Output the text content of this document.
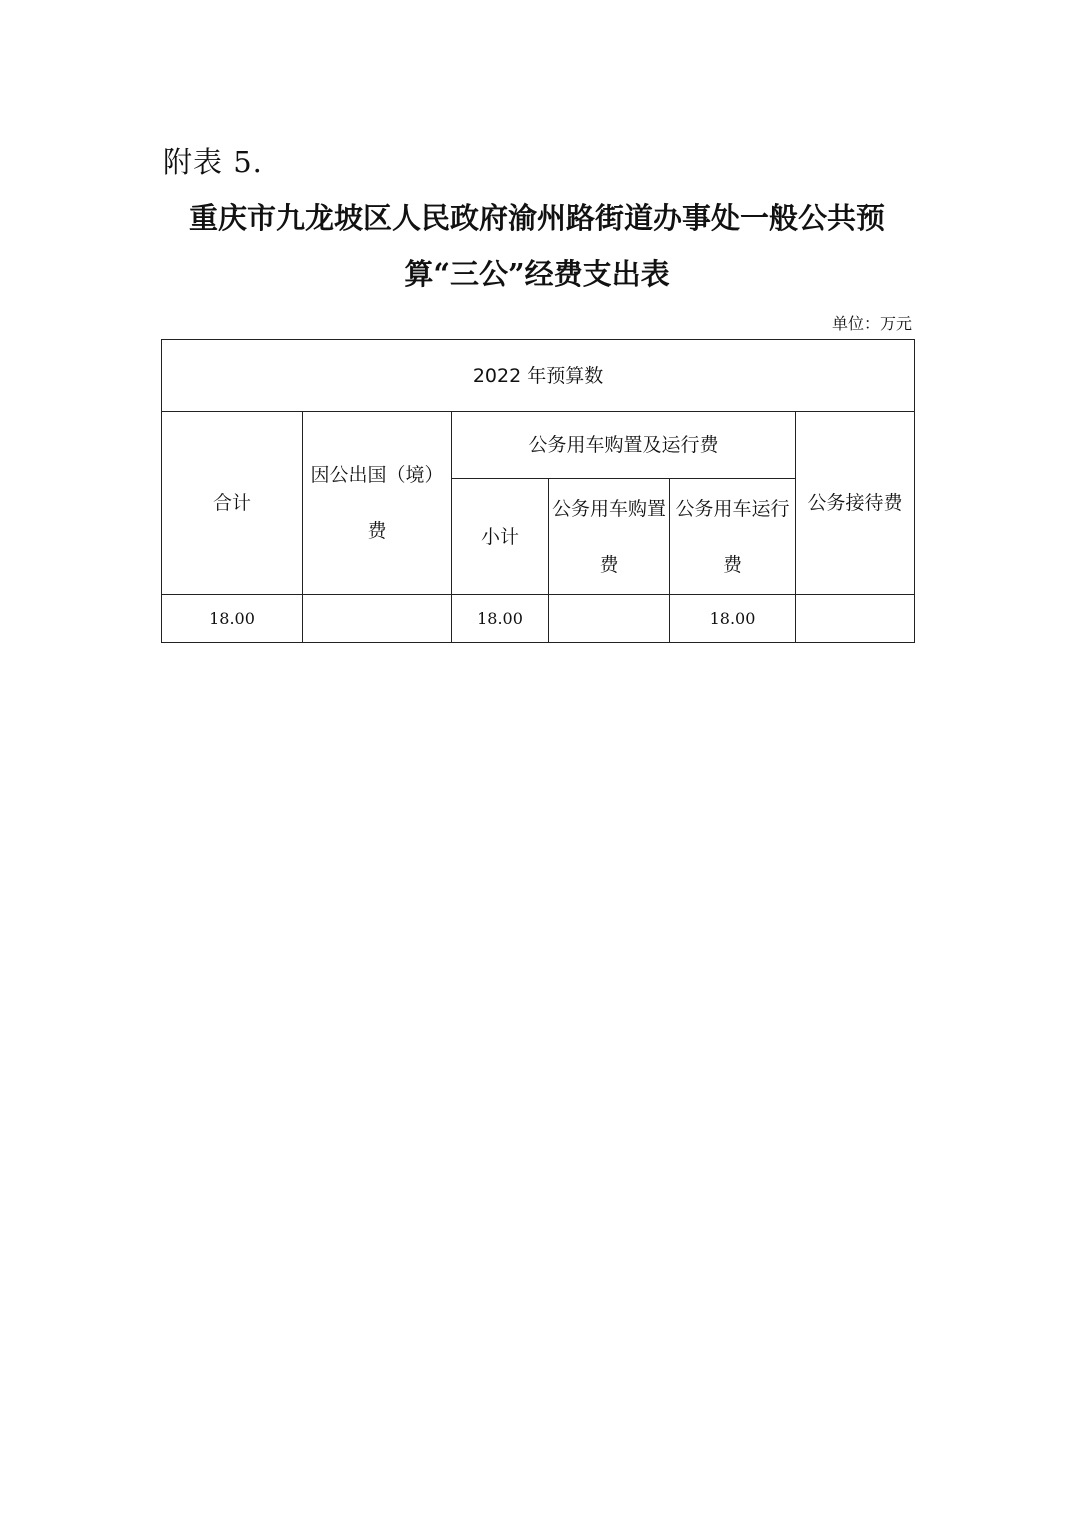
附表 5.
重庆市九龙坡区人民政府渝州路街道办事处一般公共预算“三公”经费支出表
单位：万元
2022 年预算数					
合计	因公出国（境）费	公务用车购置及运行费			公务接待费
		小计	公务用车购置费	公务用车运行费	
18.00		18.00		18.00	
